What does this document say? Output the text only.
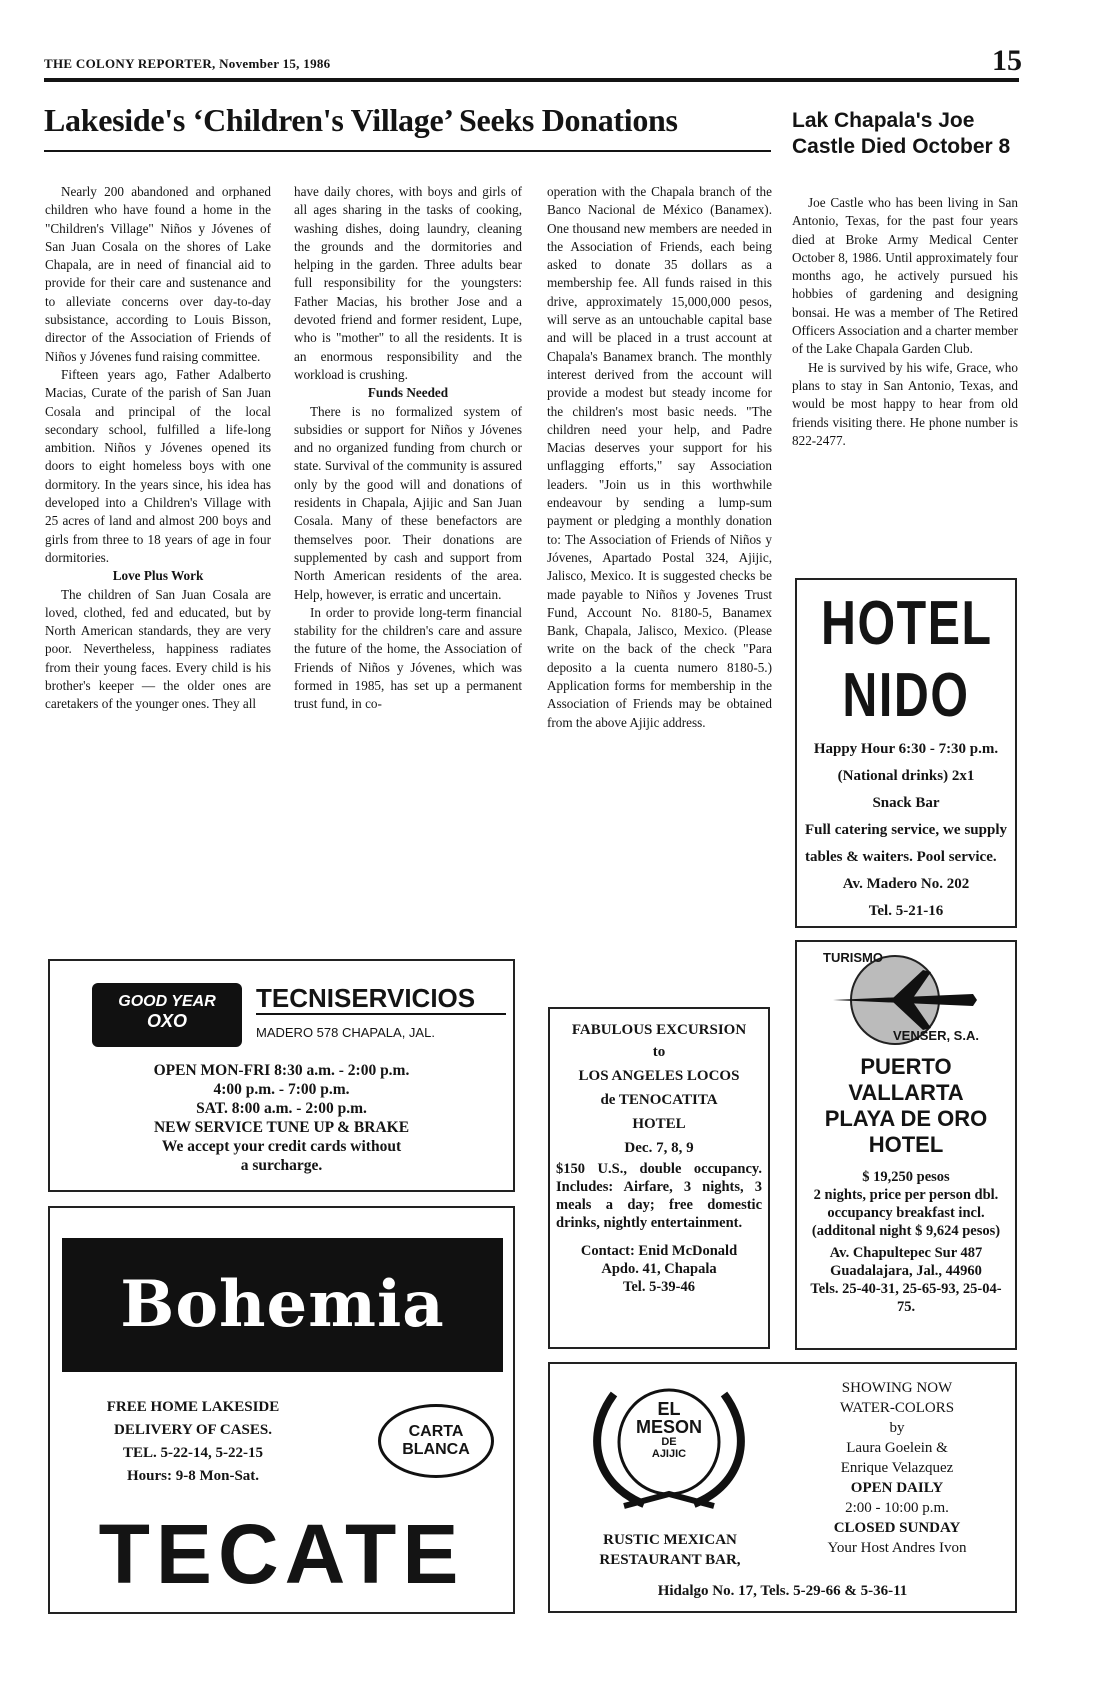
THE COLONY REPORTER, November 15, 1986	15
Lakeside's ‘Children's Village’ Seeks Donations

Nearly 200 abandoned and orphaned children who have found a home in the "Children's Village" Niños y Jóvenes of San Juan Cosala on the shores of Lake Chapala, are in need of financial aid to provide for their care and sustenance and to alleviate concerns over day-to-day subsistance, according to Louis Bisson, director of the Association of Friends of Niños y Jóvenes fund raising committee.

Fifteen years ago, Father Adalberto Macias, Curate of the parish of San Juan Cosala and principal of the local secondary school, fulfilled a life-long ambition. Niños y Jóvenes opened its doors to eight homeless boys with one dormitory. In the years since, his idea has developed into a Children's Village with 25 acres of land and almost 200 boys and girls from three to 18 years of age in four dormitories.

Love Plus Work

The children of San Juan Cosala are loved, clothed, fed and educated, but by North American standards, they are very poor. Nevertheless, happiness radiates from their young faces. Every child is his brother's keeper — the older ones are caretakers of the younger ones. They all

have daily chores, with boys and girls of all ages sharing in the tasks of cooking, washing dishes, doing laundry, cleaning the grounds and the dormitories and helping in the garden. Three adults bear full responsibility for the youngsters: Father Macias, his brother Jose and a devoted friend and former resident, Lupe, who is "mother" to all the residents. It is an enormous responsibility and the workload is crushing.

Funds Needed

There is no formalized system of subsidies or support for Niños y Jóvenes and no organized funding from church or state. Survival of the community is assured only by the good will and donations of residents in Chapala, Ajijic and San Juan Cosala. Many of these benefactors are themselves poor. Their donations are supplemented by cash and support from North American residents of the area. Help, however, is erratic and uncertain.

In order to provide long-term financial stability for the children's care and assure the future of the home, the Association of Friends of Niños y Jóvenes, which was formed in 1985, has set up a permanent trust fund, in co-

operation with the Chapala branch of the Banco Nacional de México (Banamex). One thousand new members are needed in the Association of Friends, each being asked to donate 35 dollars as a membership fee. All funds raised in this drive, approximately 15,000,000 pesos, will serve as an untouchable capital base and will be placed in a trust account at Chapala's Banamex branch. The monthly interest derived from the account will provide a modest but steady income for the children's most basic needs. "The children need your help, and Padre Macias deserves your support for his unflagging efforts," say Association leaders. "Join us in this worthwhile endeavour by sending a lump-sum payment or pledging a monthly donation to: The Association of Friends of Niños y Jóvenes, Apartado Postal 324, Ajijic, Jalisco, Mexico. It is suggested checks be made payable to Niños y Jovenes Trust Fund, Account No. 8180-5, Banamex Bank, Chapala, Jalisco, Mexico. (Please write on the back of the check "Para deposito a la cuenta numero 8180-5.) Application forms for membership in the Association of Friends may be obtained from the above Ajijic address.

Lak Chapala's Joe Castle Died October 8

Joe Castle who has been living in San Antonio, Texas, for the past four years died at Broke Army Medical Center October 8, 1986. Until approximately four months ago, he actively pursued his hobbies of gardening and designing bonsai. He was a member of The Retired Officers Association and a charter member of the Lake Chapala Garden Club.

He is survived by his wife, Grace, who plans to stay in San Antonio, Texas, and would be most happy to hear from old friends visiting there. He phone number is 822-2477.

HOTEL NIDO
Happy Hour 6:30 - 7:30 p.m.
(National drinks) 2x1
Snack Bar
Full catering service, we supply tables & waiters. Pool service.
Av. Madero No. 202
Tel. 5-21-16
GOOD YEAR
OXO
TECNISERVICIOS
MADERO 578 CHAPALA, JAL.
OPEN MON-FRI 8:30 a.m. - 2:00 p.m.
4:00 p.m. - 7:00 p.m.
SAT. 8:00 a.m. - 2:00 p.m.
NEW SERVICE TUNE UP & BRAKE
We accept your credit cards without
a surcharge.
Bohemia
FREE HOME LAKESIDE
DELIVERY OF CASES.
TEL. 5-22-14, 5-22-15
Hours: 9-8 Mon-Sat.
CARTA BLANCA
TECATE
FABULOUS EXCURSION
to
LOS ANGELES LOCOS
de TENOCATITA
HOTEL
Dec. 7, 8, 9
$150 U.S., double occupancy. Includes: Airfare, 3 nights, 3 meals a day; free domestic drinks, nightly entertainment.
Contact: Enid McDonald
Apdo. 41, Chapala
Tel. 5-39-46
TURISMO
VENSER, S.A.
PUERTO VALLARTA PLAYA DE ORO HOTEL
$ 19,250 pesos
2 nights, price per person dbl. occupancy breakfast incl.
(additonal night $ 9,624 pesos)
Av. Chapultepec Sur 487
Guadalajara, Jal., 44960
Tels. 25-40-31, 25-65-93, 25-04-75.
EL
MESON
DE
AJIJIC
RUSTIC MEXICAN
RESTAURANT BAR,
SHOWING NOW
WATER-COLORS
by
Laura Goelein &
Enrique Velazquez
OPEN DAILY
2:00 - 10:00 p.m.
CLOSED SUNDAY
Your Host Andres Ivon
Hidalgo No. 17, Tels. 5-29-66 & 5-36-11
